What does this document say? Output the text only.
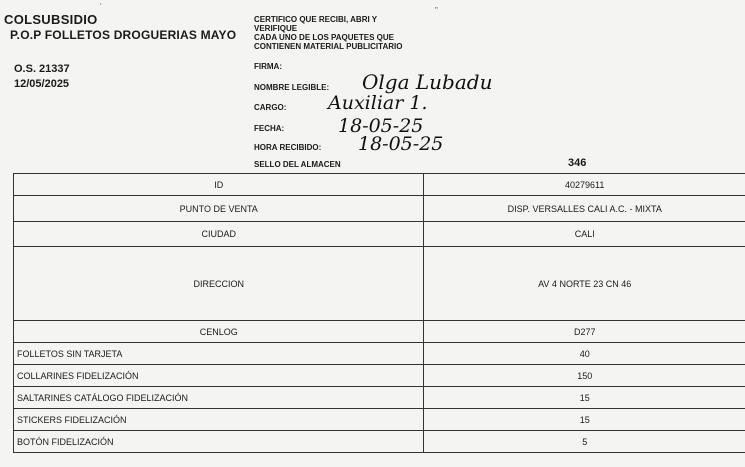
'	"
COLSUBSIDIO
P.O.P FOLLETOS DROGUERIAS MAYO
O.S. 21337
12/05/2025
CERTIFICO QUE RECIBI, ABRI Y
VERIFIQUE
CADA UNO DE LOS PAQUETES QUE
CONTIENEN MATERIAL PUBLICITARIO
FIRMA:
NOMBRE LEGIBLE: Olga Lubadu
CARGO: Auxiliar 1.
FECHA:	18-05-25
HORA RECIBIDO: 18-05-25
SELLO DEL ALMACEN	346
ID	40279611
PUNTO DE VENTA	DISP. VERSALLES CALI A.C. - MIXTA
CIUDAD	CALI
DIRECCION	AV 4 NORTE 23 CN 46
CENLOG	D277
FOLLETOS SIN TARJETA	40
COLLARINES FIDELIZACIÓN	150
SALTARINES CATÁLOGO FIDELIZACIÓN	15
STICKERS FIDELIZACIÓN	15
BOTÓN FIDELIZACIÓN	5
